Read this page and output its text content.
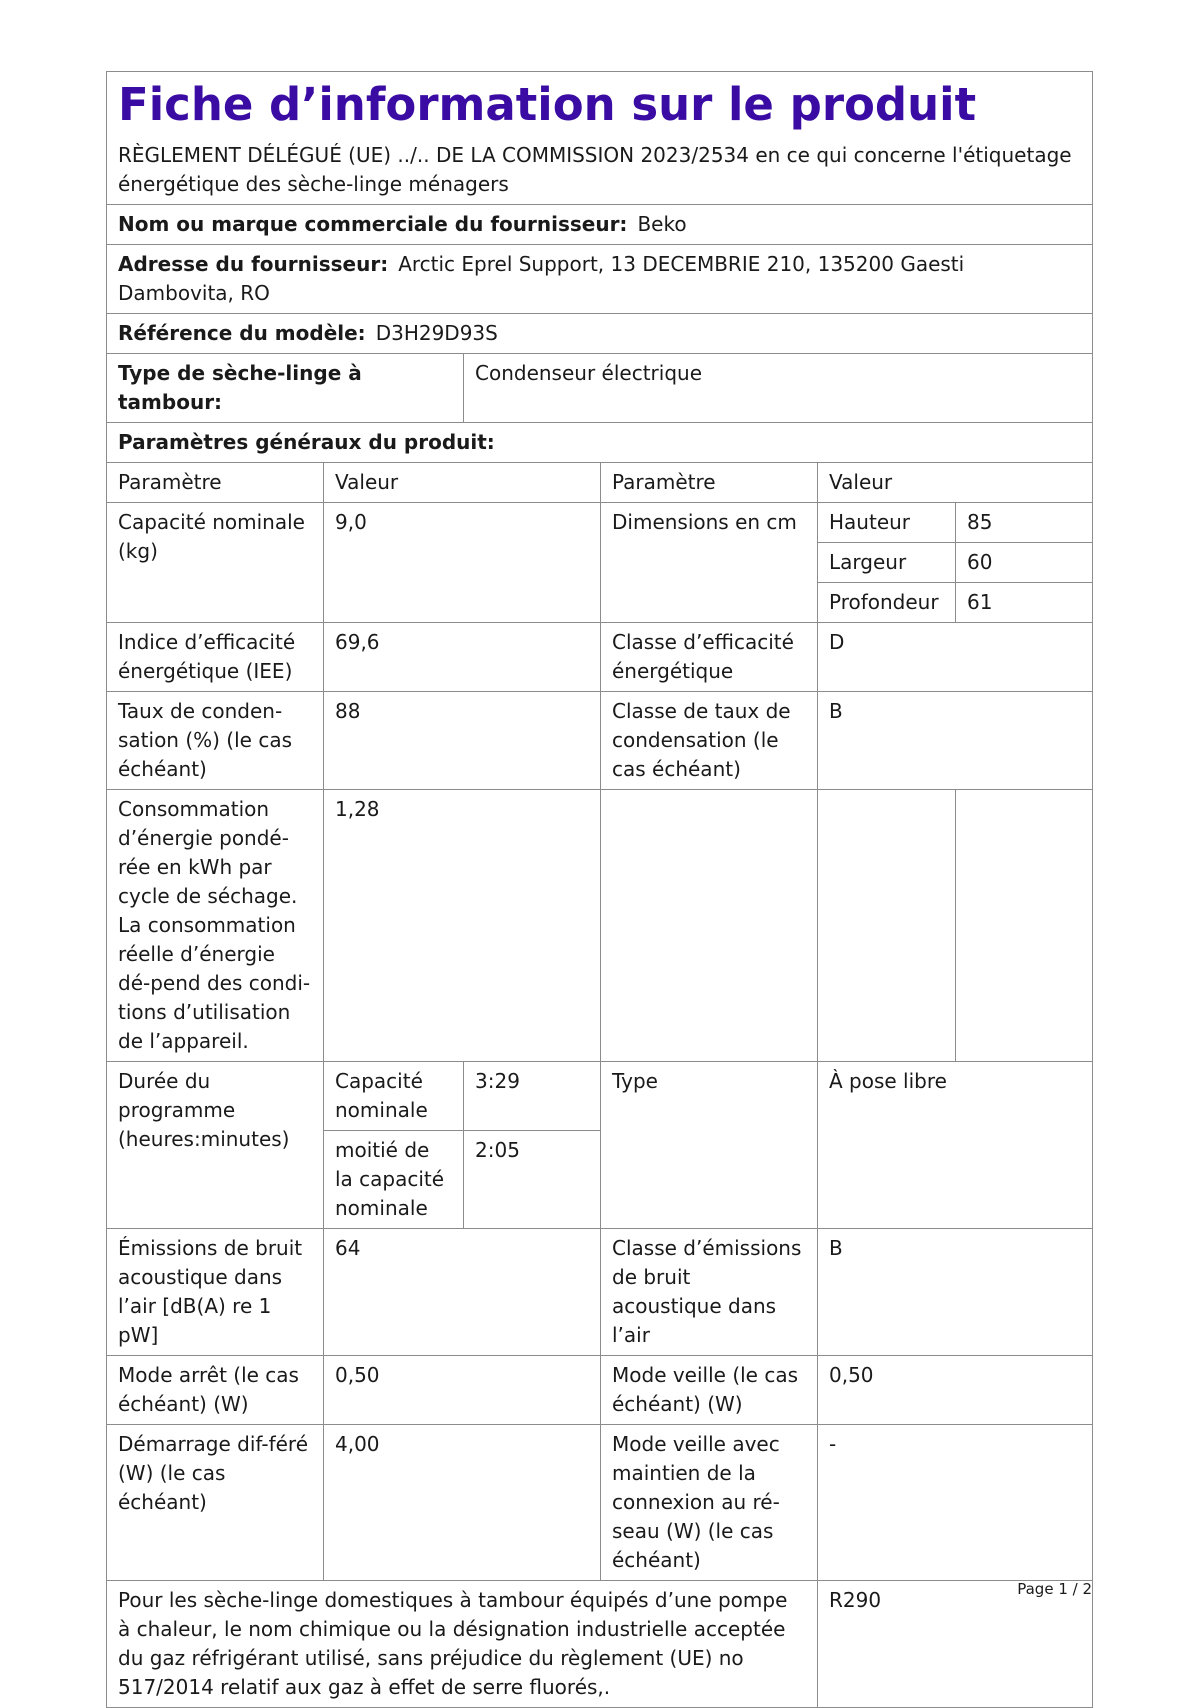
Fiche d’information sur le produit
RÈGLEMENT DÉLÉGUÉ (UE) ../.. DE LA COMMISSION 2023/2534 en ce qui concerne l'étiquetage énergétique des sèche-linge ménagers					

Nom ou marque commerciale du fournisseur: Beko					
Adresse du fournisseur: Arctic Eprel Support, 13 DECEMBRIE 210, 135200 Gaesti Dambovita, RO					
Référence du modèle: D3H29D93S					
Type de sèche-linge à tambour:		Condenseur électrique			
Paramètres généraux du produit:					
Paramètre	Valeur		Paramètre	Valeur	
Capacité nominale (kg)	9,0		Dimensions en cm	Hauteur	85
				Largeur	60
				Profondeur	61
Indice d’efficacité énergétique (IEE)	69,6		Classe d’efficacité énergétique	D	
Taux de conden-sation (%) (le cas échéant)	88		Classe de taux de condensation (le cas échéant)	B	
Consommation d’énergie pondé-rée en kWh par cycle de séchage. La consommation réelle d’énergie dé-pend des condi-tions d’utilisation de l’appareil.	1,28				
Durée du programme (heures:minutes)	Capacité nominale	3:29	Type	À pose libre	
	moitié de la capacité nominale	2:05			
Émissions de bruit acoustique dans l’air [dB(A) re 1 pW]	64		Classe d’émissions de bruit acoustique dans l’air	B	
Mode arrêt (le cas échéant) (W)	0,50		Mode veille (le cas échéant) (W)	0,50	
Démarrage dif-féré (W) (le cas échéant)	4,00		Mode veille avec maintien de la connexion au ré-seau (W) (le cas échéant)	-	
Pour les sèche-linge domestiques à tambour équipés d’une pompe à chaleur, le nom chimique ou la désignation industrielle acceptée du gaz réfrigérant utilisé, sans préjudice du règlement (UE) no 517/2014 relatif aux gaz à effet de serre fluorés,.				R290		Page 1 / 2
